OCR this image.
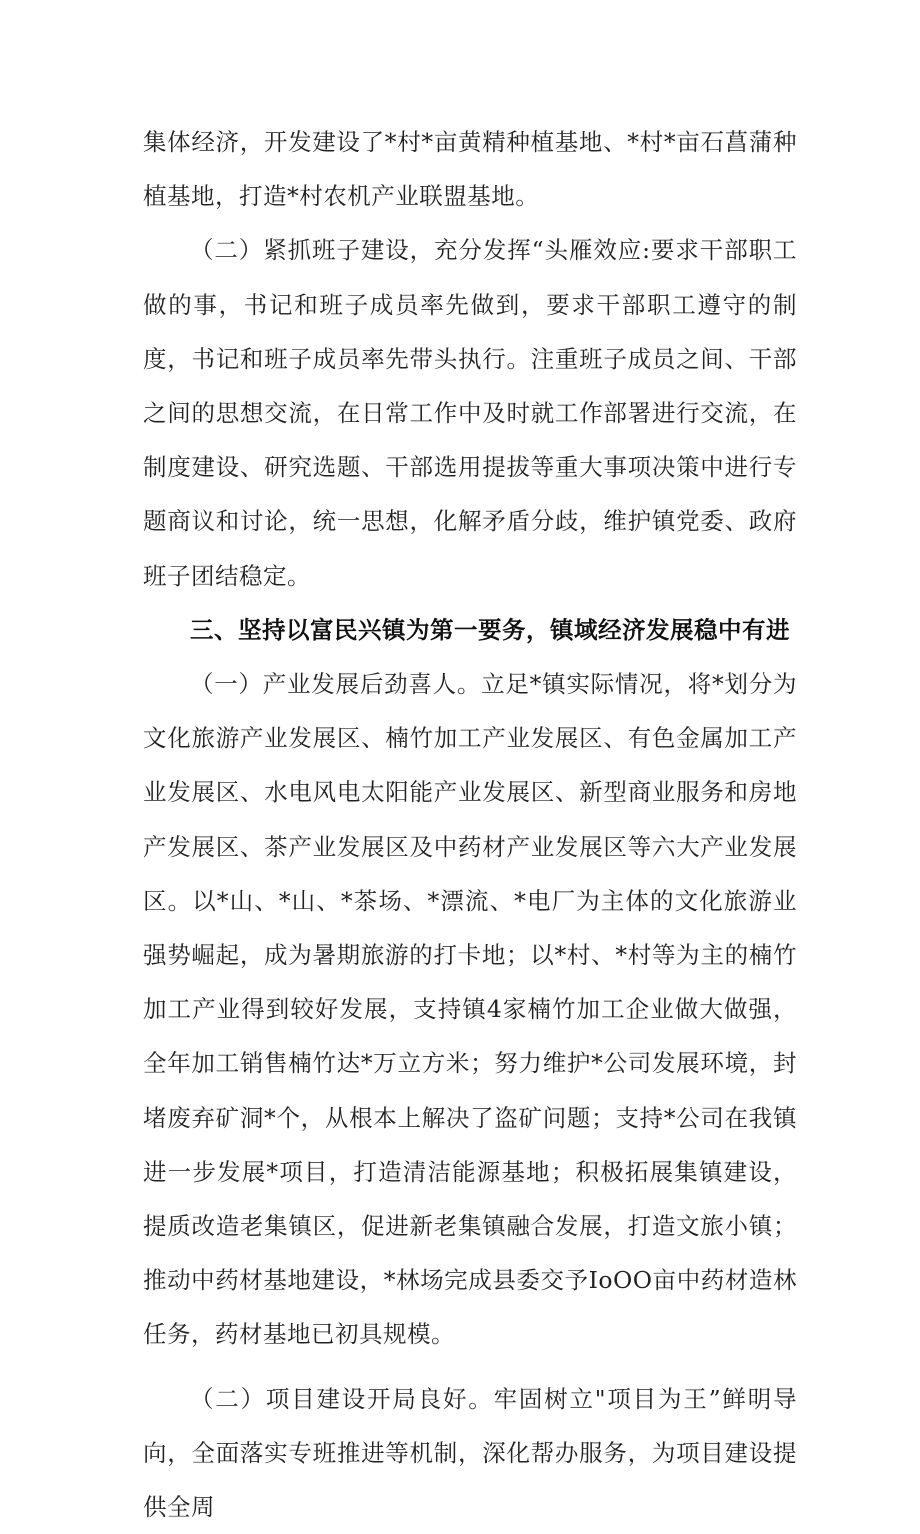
集体经济，开发建设了*村*亩黄精种植基地、*村*亩石菖蒲种植基地，打造*村农机产业联盟基地。

（二）紧抓班子建设，充分发挥“头雁效应:要求干部职工做的事，书记和班子成员率先做到，要求干部职工遵守的制度，书记和班子成员率先带头执行。注重班子成员之间、干部之间的思想交流，在日常工作中及时就工作部署进行交流，在制度建设、研究选题、干部选用提拔等重大事项决策中进行专题商议和讨论，统一思想，化解矛盾分歧，维护镇党委、政府班子团结稳定。

三、坚持以富民兴镇为第一要务，镇域经济发展稳中有进

（一）产业发展后劲喜人。立足*镇实际情况，将*划分为文化旅游产业发展区、楠竹加工产业发展区、有色金属加工产业发展区、水电风电太阳能产业发展区、新型商业服务和房地产发展区、茶产业发展区及中药材产业发展区等六大产业发展区。以*山、*山、*茶场、*漂流、*电厂为主体的文化旅游业强势崛起，成为暑期旅游的打卡地；以*村、*村等为主的楠竹加工产业得到较好发展，支持镇4家楠竹加工企业做大做强，全年加工销售楠竹达*万立方米；努力维护*公司发展环境，封堵废弃矿洞*个，从根本上解决了盗矿问题；支持*公司在我镇进一步发展*项目，打造清洁能源基地；积极拓展集镇建设，提质改造老集镇区，促进新老集镇融合发展，打造文旅小镇；推动中药材基地建设，*林场完成县委交予IoOO亩中药材造林任务，药材基地已初具规模。

（二）项目建设开局良好。牢固树立"项目为王”鲜明导向，全面落实专班推进等机制，深化帮办服务，为项目建设提供全周
